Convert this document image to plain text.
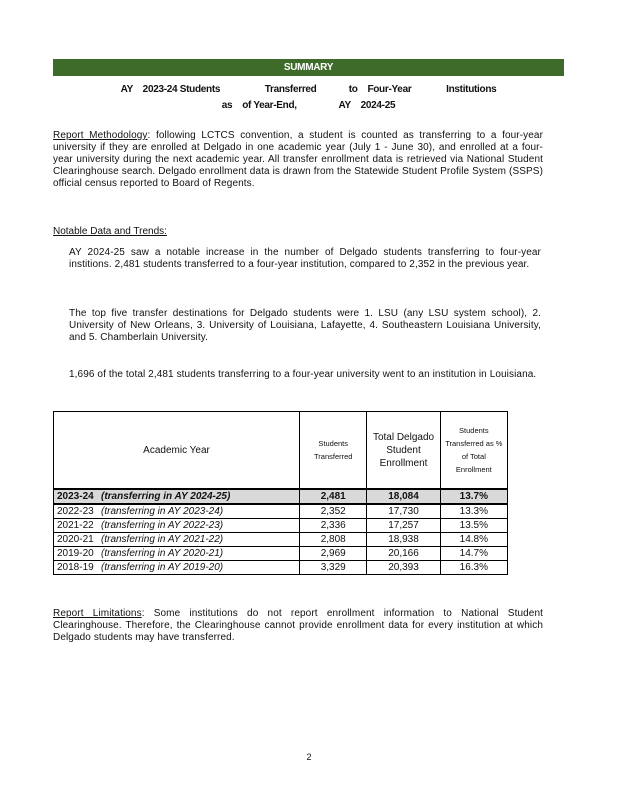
SUMMARY
AY    2023-24 Students                  Transferred             to    Four-Year              Institutions
as    of Year-End,                 AY    2024-25
Report Methodology: following LCTCS convention, a student is counted as transferring to a four-year university if they are enrolled at Delgado in one academic year (July 1 - June 30), and enrolled at a four-year university during the next academic year. All transfer enrollment data is retrieved via National Student Clearinghouse search. Delgado enrollment data is drawn from the Statewide Student Profile System (SSPS) official census reported to Board of Regents.
Notable Data and Trends:
AY 2024-25 saw a notable increase in the number of Delgado students transferring to four-year institions. 2,481 students transferred to a four-year institution, compared to 2,352 in the previous year.
The top five transfer destinations for Delgado students were 1. LSU (any LSU system school), 2. University of New Orleans, 3. University of Louisiana, Lafayette, 4. Southeastern Louisiana University, and 5. Chamberlain University.
1,696 of the total 2,481 students transferring to a four-year university went to an institution in Louisiana.
Academic Year	Students Transferred	Total Delgado Student Enrollment	Students Transferred as % of Total Enrollment
2023-24 (transferring in AY 2024-25)	2,481	18,084	13.7%
2022-23 (transferring in AY 2023-24)	2,352	17,730	13.3%
2021-22 (transferring in AY 2022-23)	2,336	17,257	13.5%
2020-21 (transferring in AY 2021-22)	2,808	18,938	14.8%
2019-20 (transferring in AY 2020-21)	2,969	20,166	14.7%
2018-19 (transferring in AY 2019-20)	3,329	20,393	16.3%
Report Limitations: Some institutions do not report enrollment information to National Student Clearinghouse. Therefore, the Clearinghouse cannot provide enrollment data for every institution at which Delgado students may have transferred.
2
